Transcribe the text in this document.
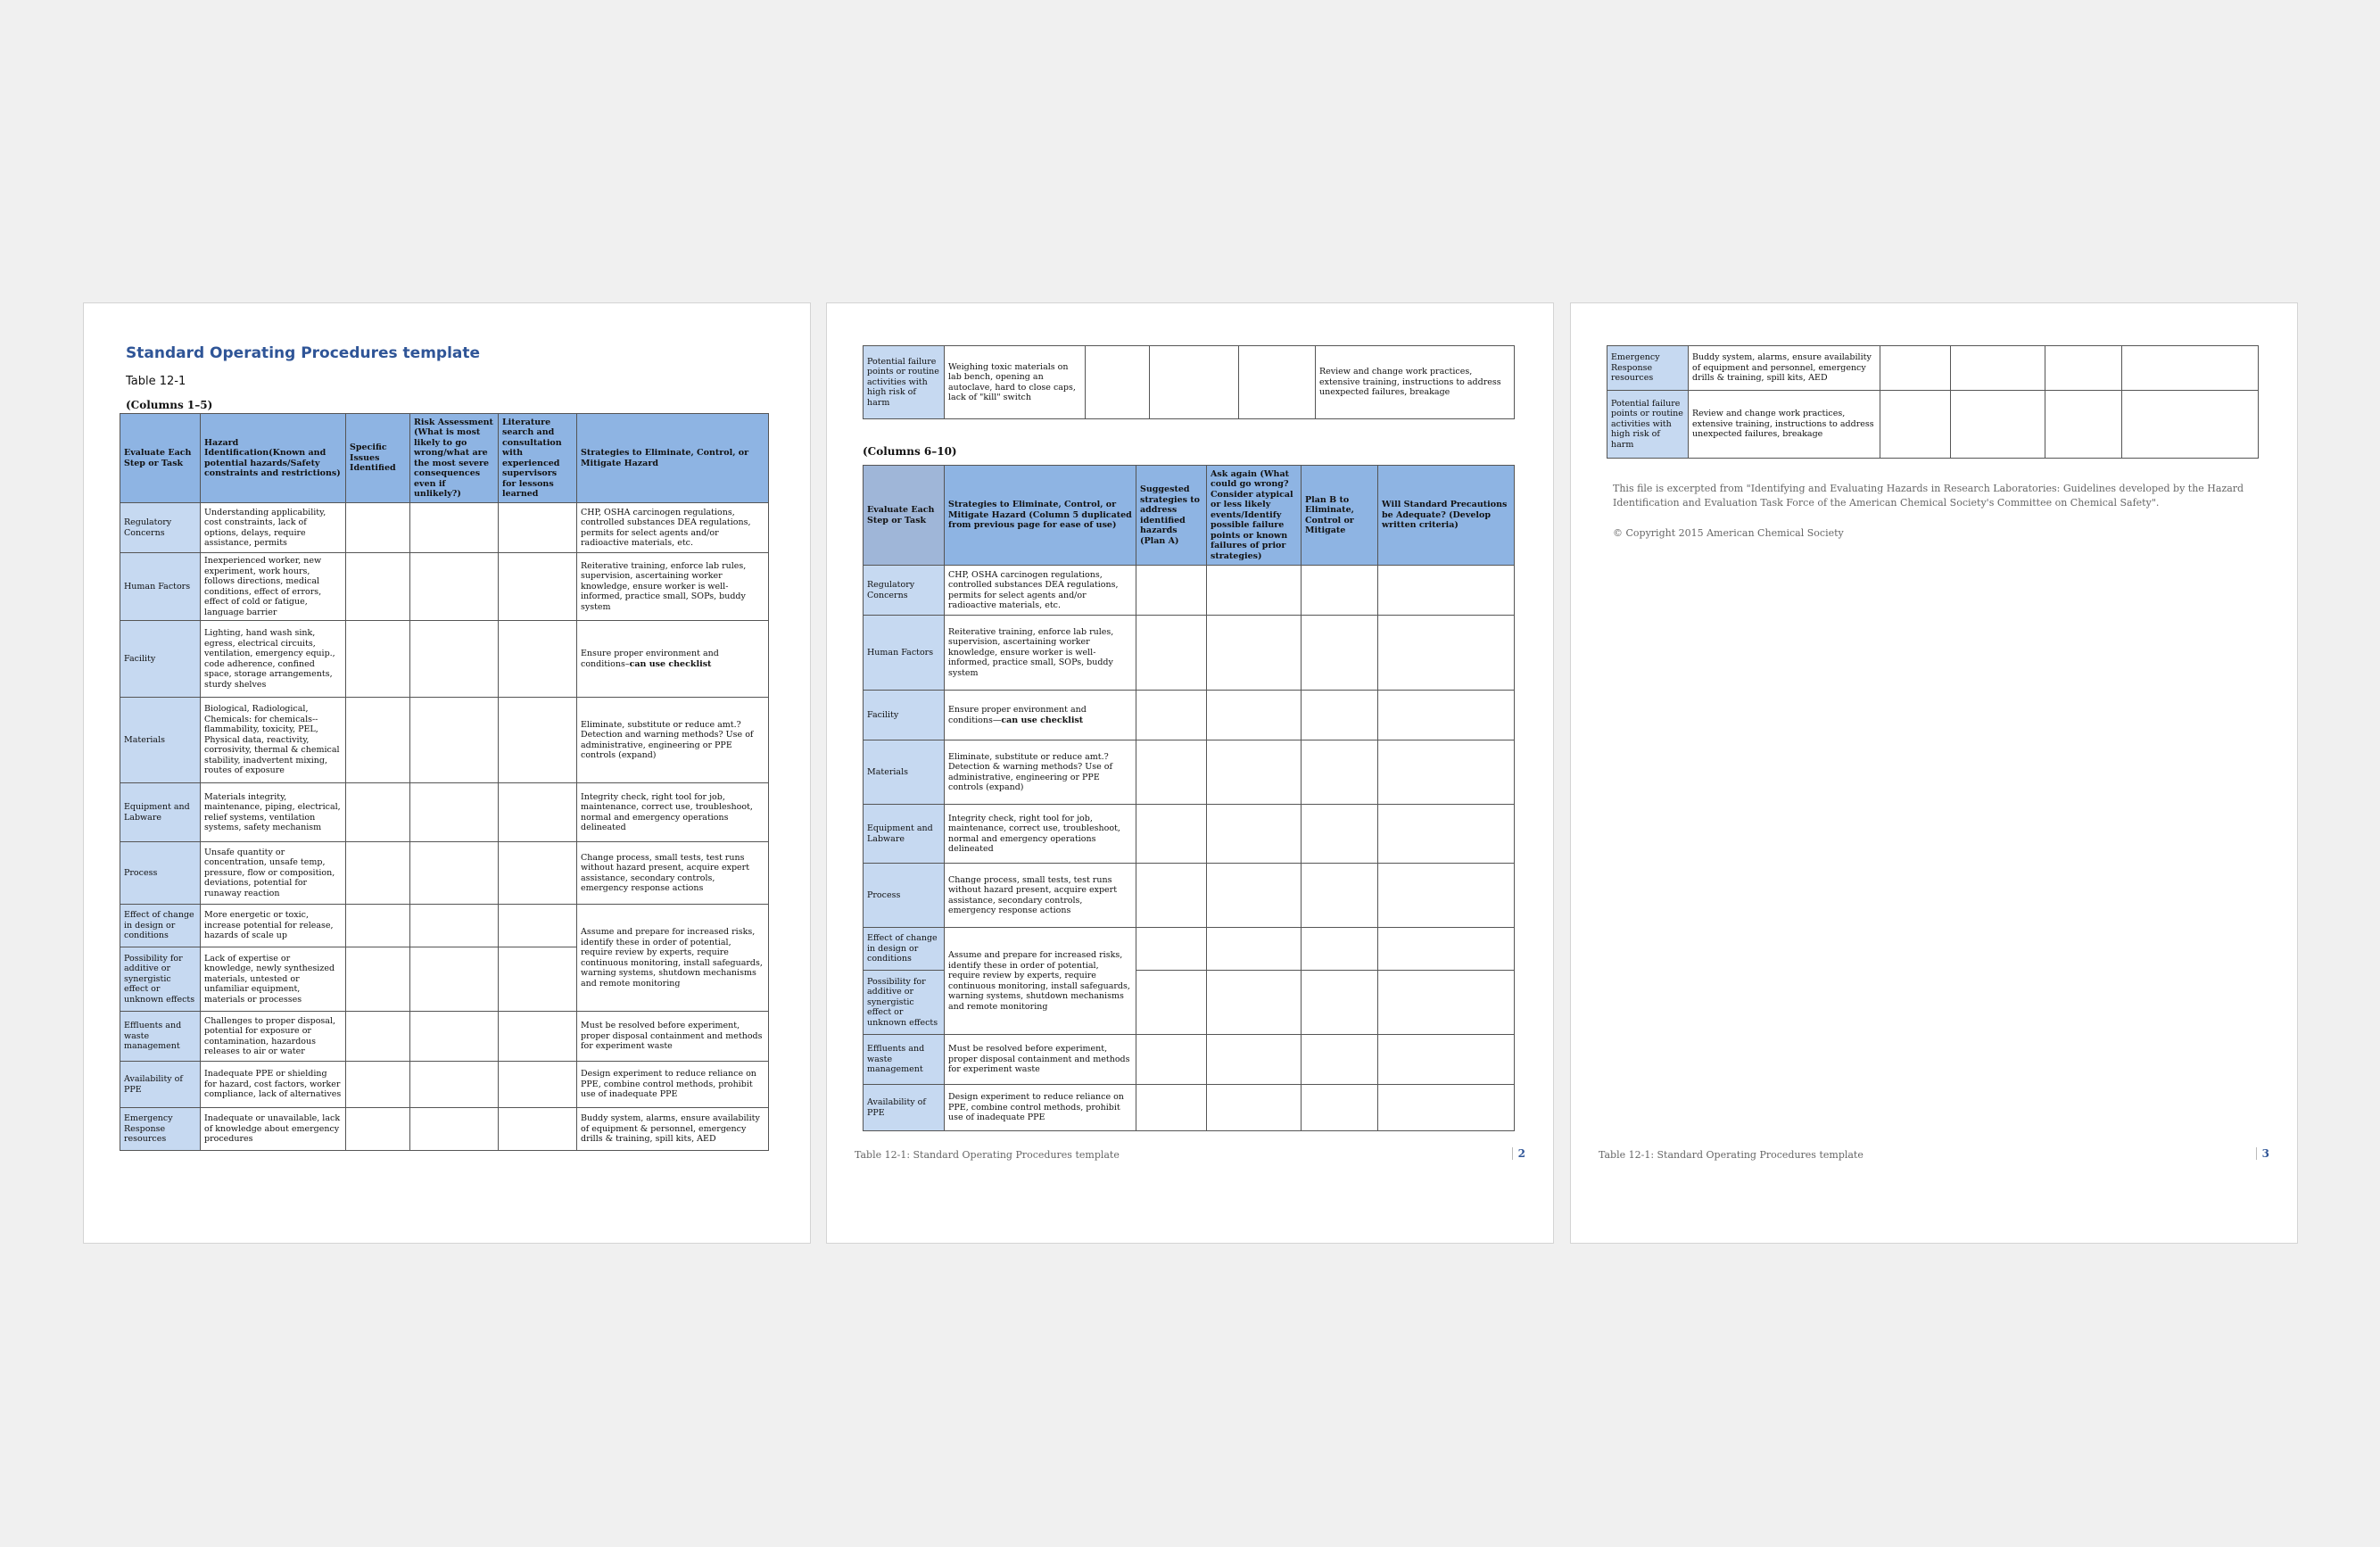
Standard Operating Procedures template
Table 12-1
(Columns 1–5)
Evaluate Each Step or Task	Hazard Identification(Known and potential hazards/Safety constraints and restrictions)	Specific Issues Identified	Risk Assessment (What is most likely to go wrong/what are the most severe consequences even if unlikely?)	Literature search and consultation with experienced supervisors for lessons learned	Strategies to Eliminate, Control, or Mitigate Hazard
Regulatory Concerns	Understanding applicability, cost constraints, lack of options, delays, require assistance, permits				CHP, OSHA carcinogen regulations, controlled substances DEA regulations, permits for select agents and/or radioactive materials, etc.
Human Factors	Inexperienced worker, new experiment, work hours, follows directions, medical conditions, effect of errors, effect of cold or fatigue, language barrier				Reiterative training, enforce lab rules, supervision, ascertaining worker knowledge, ensure worker is well-informed, practice small, SOPs, buddy system
Facility	Lighting, hand wash sink, egress, electrical circuits, ventilation, emergency equip., code adherence, confined space, storage arrangements, sturdy shelves				Ensure proper environment and conditions–can use checklist
Materials	Biological, Radiological, Chemicals: for chemicals--flammability, toxicity, PEL, Physical data, reactivity, corrosivity, thermal & chemical stability, inadvertent mixing, routes of exposure				Eliminate, substitute or reduce amt.? Detection and warning methods? Use of administrative, engineering or PPE controls (expand)
Equipment and Labware	Materials integrity, maintenance, piping, electrical, relief systems, ventilation systems, safety mechanism				Integrity check, right tool for job, maintenance, correct use, troubleshoot, normal and emergency operations delineated
Process	Unsafe quantity or concentration, unsafe temp, pressure, flow or composition, deviations, potential for runaway reaction				Change process, small tests, test runs without hazard present, acquire expert assistance, secondary controls, emergency response actions
Effect of change in design or conditions	More energetic or toxic, increase potential for release, hazards of scale up				Assume and prepare for increased risks, identify these in order of potential, require review by experts, require continuous monitoring, install safeguards, warning systems, shutdown mechanisms and remote monitoring
Possibility for additive or synergistic effect or unknown effects	Lack of expertise or knowledge, newly synthesized materials, untested or unfamiliar equipment, materials or processes				
Effluents and waste management	Challenges to proper disposal, potential for exposure or contamination, hazardous releases to air or water				Must be resolved before experiment, proper disposal containment and methods for experiment waste
Availability of PPE	Inadequate PPE or shielding for hazard, cost factors, worker compliance, lack of alternatives				Design experiment to reduce reliance on PPE, combine control methods, prohibit use of inadequate PPE
Emergency Response resources	Inadequate or unavailable, lack of knowledge about emergency procedures				Buddy system, alarms, ensure availability of equipment & personnel, emergency drills & training, spill kits, AED
Potential failure points or routine activities with high risk of harm	Weighing toxic materials on lab bench, opening an autoclave, hard to close caps, lack of "kill" switch				Review and change work practices, extensive training, instructions to address unexpected failures, breakage
(Columns 6–10)
Evaluate Each Step or Task	Strategies to Eliminate, Control, or Mitigate Hazard (Column 5 duplicated from previous page for ease of use)	Suggested strategies to address identified hazards (Plan A)	Ask again (What could go wrong? Consider atypical or less likely events/Identify possible failure points or known failures of prior strategies)	Plan B to Eliminate, Control or Mitigate	Will Standard Precautions be Adequate? (Develop written criteria)
Regulatory Concerns	CHP, OSHA carcinogen regulations, controlled substances DEA regulations, permits for select agents and/or radioactive materials, etc.				
Human Factors	Reiterative training, enforce lab rules, supervision, ascertaining worker knowledge, ensure worker is well-informed, practice small, SOPs, buddy system				
Facility	Ensure proper environment and conditions—can use checklist				
Materials	Eliminate, substitute or reduce amt.? Detection & warning methods? Use of administrative, engineering or PPE controls (expand)				
Equipment and Labware	Integrity check, right tool for job, maintenance, correct use, troubleshoot, normal and emergency operations delineated				
Process	Change process, small tests, test runs without hazard present, acquire expert assistance, secondary controls, emergency response actions				
Effect of change in design or conditions	Assume and prepare for increased risks, identify these in order of potential, require review by experts, require continuous monitoring, install safeguards, warning systems, shutdown mechanisms and remote monitoring				
Possibility for additive or synergistic effect or unknown effects					
Effluents and waste management	Must be resolved before experiment, proper disposal containment and methods for experiment waste				
Availability of PPE	Design experiment to reduce reliance on PPE, combine control methods, prohibit use of inadequate PPE				
Table 12-1: Standard Operating Procedures template	2
Emergency Response resources	Buddy system, alarms, ensure availability of equipment and personnel, emergency drills & training, spill kits, AED				
Potential failure points or routine activities with high risk of harm	Review and change work practices, extensive training, instructions to address unexpected failures, breakage				
This file is excerpted from "Identifying and Evaluating Hazards in Research Laboratories: Guidelines developed by the Hazard Identification and Evaluation Task Force of the American Chemical Society's Committee on Chemical Safety".
© Copyright 2015 American Chemical Society
Table 12-1: Standard Operating Procedures template	3
